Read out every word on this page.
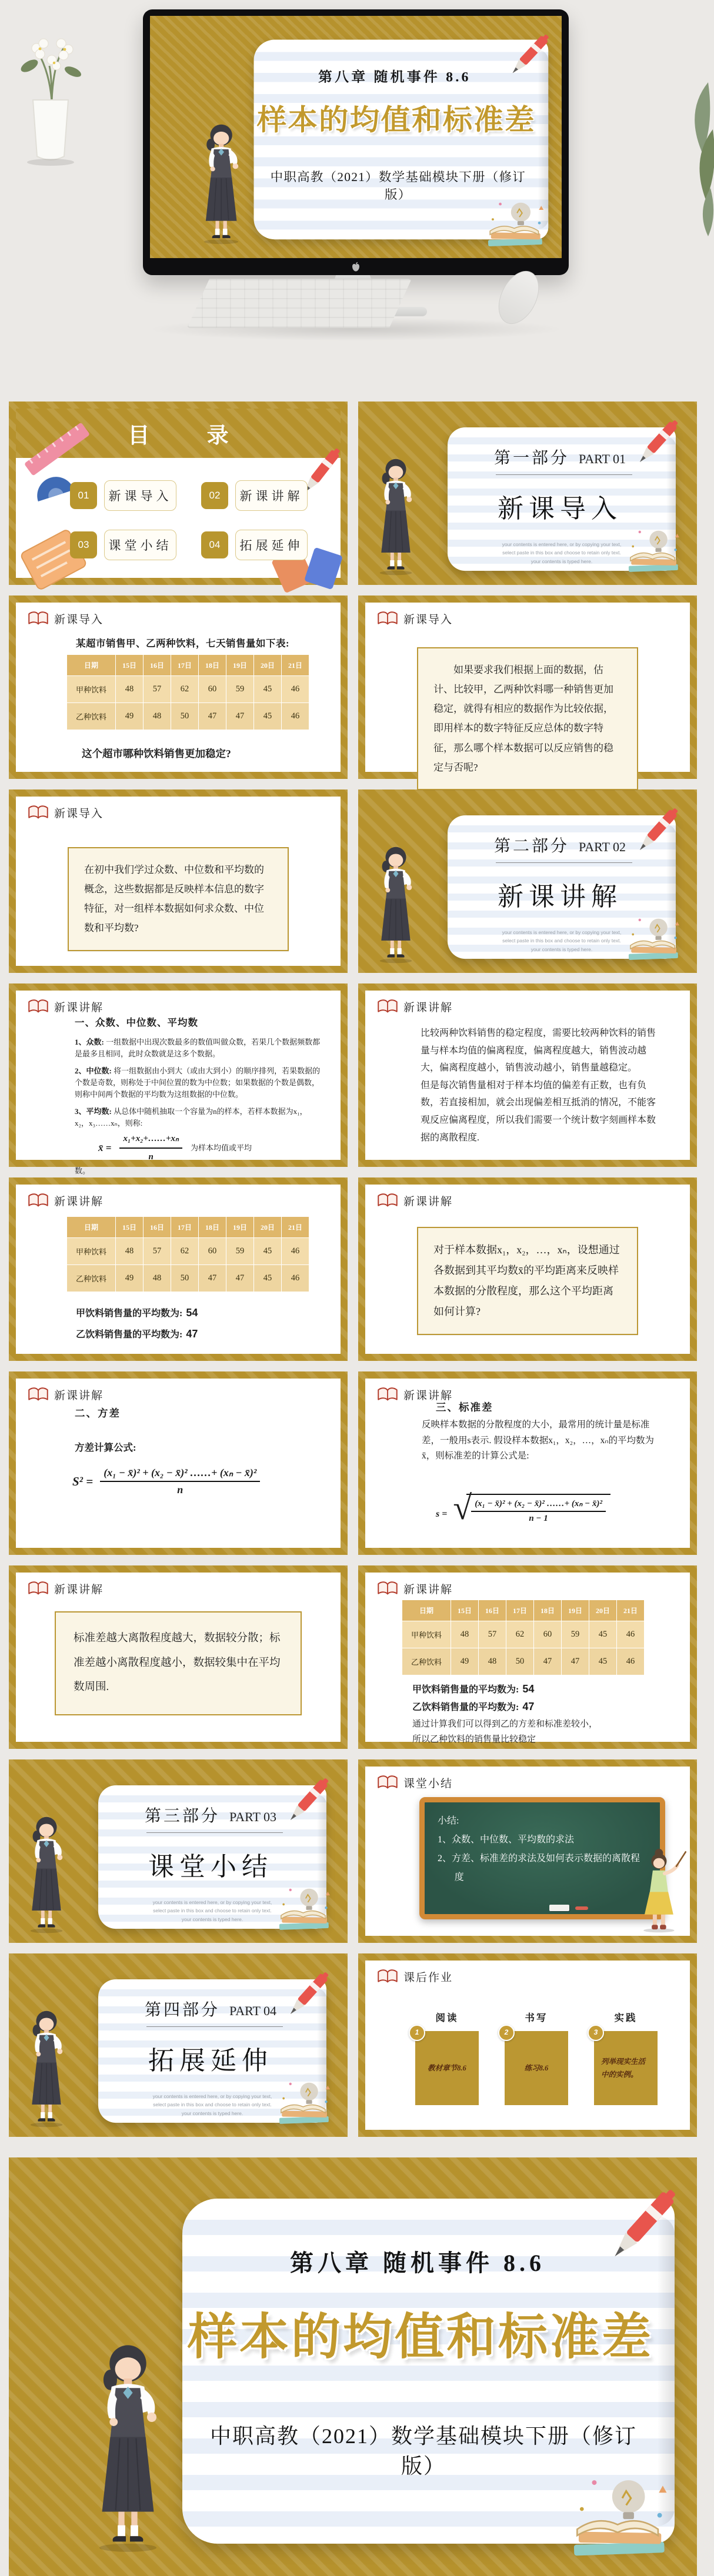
第八章 随机事件 8.6
样本的均值和标准差
中职高教（2021）数学基础模块下册（修订版）
目 录
01	新课导入	02	新课讲解
03	课堂小结	04	拓展延伸
第一部分 PART 01
新课导入
your contents is entered here, or by copying your text, select paste in this box and choose to retain only text. your contents is typed here.
新课导入
某超市销售甲、乙两种饮料，七天销售量如下表:
日期	15日	16日	17日	18日	19日	20日	21日
甲种饮料	48	57	62	60	59	45	46
乙种饮料	49	48	50	47	47	45	46
这个超市哪种饮料销售更加稳定?
新课导入
如果要求我们根据上面的数据，估计、比较甲，乙两种饮料哪一种销售更加稳定，就得有相应的数据作为比较依据，即用样本的数字特征反应总体的数字特征，那么哪个样本数据可以反应销售的稳定与否呢?
新课导入
在初中我们学过众数、中位数和平均数的概念，这些数据都是反映样本信息的数字特征，对一组样本数据如何求众数、中位数和平均数?
第二部分 PART 02
新课讲解
your contents is entered here, or by copying your text, select paste in this box and choose to retain only text. your contents is typed here.
新课讲解
一、众数、中位数、平均数

1、众数: 一组数据中出现次数最多的数值叫做众数，若果几个数据频数都是最多且相同，此时众数就是这多个数据。

2、中位数: 将一组数据由小到大（或由大到小）的顺序排列，若果数据的个数是奇数，则称处于中间位置的数为中位数；如果数据的个数是偶数，则称中间两个数据的平均数为这组数据的中位数。

3、平均数: 从总体中随机抽取一个容量为n的样本，若样本数据为x₁，x₂，x₃……xₙ，则称:

x̄ = $\frac{\text{x₁+x₂+……+xₙ}}{n}$ 为样本均值或平均
数。
新课讲解
比较两种饮料销售的稳定程度，需要比较两种饮料的销售量与样本均值的偏离程度，偏离程度越大，销售波动越大，偏离程度越小，销售波动越小，销售量越稳定。
但是每次销售量相对于样本均值的偏差有正数，也有负数，若直接相加，就会出现偏差相互抵消的情况，不能客观反应偏离程度，所以我们需要一个统计数字刻画样本数据的离散程度.
新课讲解
日期	15日	16日	17日	18日	19日	20日	21日
甲种饮料	48	57	62	60	59	45	46
乙种饮料	49	48	50	47	47	45	46
甲饮料销售量的平均数为: 54
乙饮料销售量的平均数为: 47
新课讲解
对于样本数据x₁，x₂，…，xₙ，设想通过各数据到其平均数x̄的平均距离来反映样本数据的分散程度，那么这个平均距离如何计算?
新课讲解
二、方差
方差计算公式:
$S^2 = \frac{\text{(x₁ − x̄)² + (x₂ − x̄)² ……+ (xₙ − x̄)²}}{n}$
新课讲解
三、标准差
反映样本数据的分散程度的大小，最常用的统计量是标准差，一般用s表示. 假设样本数据x₁，x₂，…，xₙ的平均数为x̄，则标准差的计算公式是:
s = √ $\frac{\text{(x₁ − x̄)² + (x₂ − x̄)² ……+ (xₙ − x̄)²}}{n - 1}$
新课讲解
标准差越大离散程度越大，数据较分散；标准差越小离散程度越小，数据较集中在平均数周围.
新课讲解
日期	15日	16日	17日	18日	19日	20日	21日
甲种饮料	48	57	62	60	59	45	46
乙种饮料	49	48	50	47	47	45	46
甲饮料销售量的平均数为: 54
乙饮料销售量的平均数为: 47
通过计算我们可以得到乙的方差和标准差较小，
所以乙种饮料的销售量比较稳定
第三部分 PART 03
课堂小结
your contents is entered here, or by copying your text, select paste in this box and choose to retain only text. your contents is typed here.
课堂小结
小结:
1、众数、中位数、平均数的求法
2、方差、标准差的求法及如何表示数据的离散程度
第四部分 PART 04
拓展延伸
your contents is entered here, or by copying your text, select paste in this box and choose to retain only text. your contents is typed here.
课后作业
阅读
1
教材章节8.6
书写
2
练习8.6
实践
3
列举现实生活中的实例。
第八章 随机事件 8.6
样本的均值和标准差
中职高教（2021）数学基础模块下册（修订版）
